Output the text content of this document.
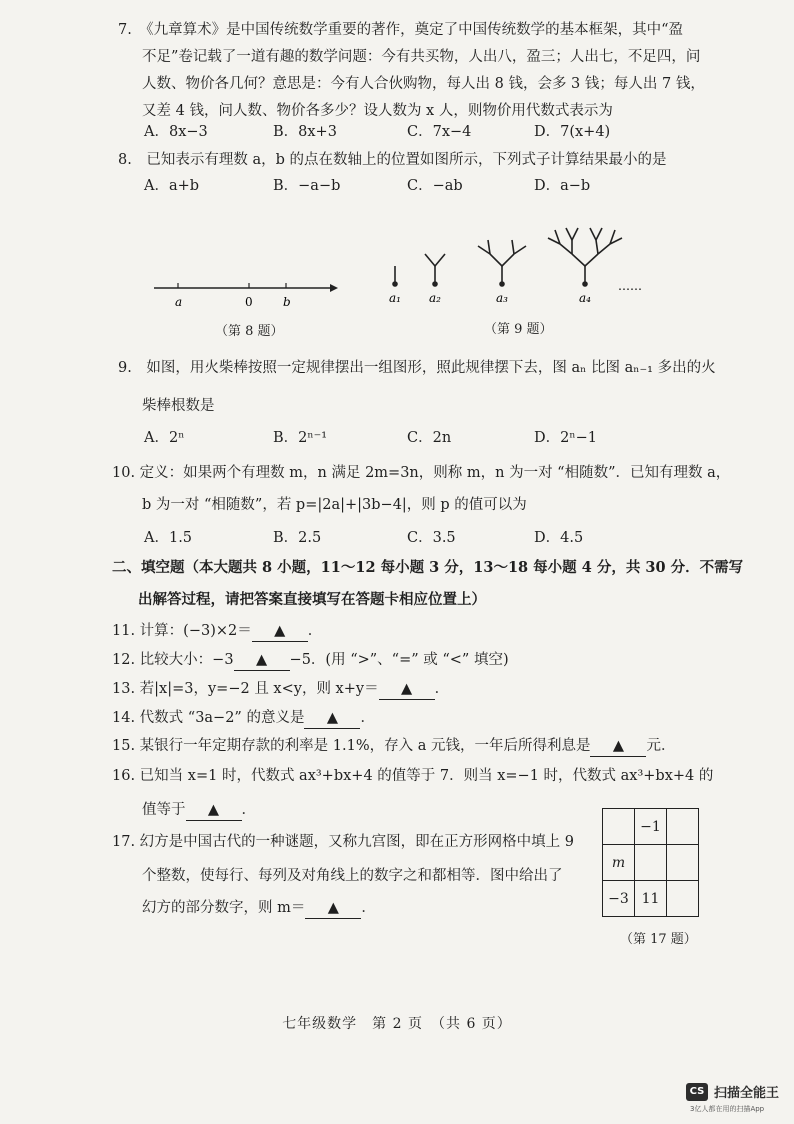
7.　《九章算术》是中国传统数学重要的著作，奠定了中国传统数学的基本框架，其中“盈
不足”卷记载了一道有趣的数学问题：今有共买物，人出八，盈三；人出七，不足四，问
人数、物价各几何？意思是：今有人合伙购物，每人出 8 钱，会多 3 钱；每人出 7 钱，
又差 4 钱，问人数、物价各多少？设人数为 x 人，则物价用代数式表示为
A．8x−3	B．8x+3	C．7x−4	D．7(x+4)
8.　已知表示有理数 a，b 的点在数轴上的位置如图所示，下列式子计算结果最小的是
A．a+b	B．−a−b	C．−ab	D．a−b
a	0	b
（第 8 题）
a₁ a₂	a₃	a₄
……
（第 9 题）
9.　如图，用火柴棒按照一定规律摆出一组图形，照此规律摆下去，图 aₙ 比图 aₙ₋₁ 多出的火
柴棒根数是
A．2ⁿ	B．2ⁿ⁻¹	C．2n	D．2ⁿ−1
10. 定义：如果两个有理数 m，n 满足 2m=3n，则称 m，n 为一对 “相随数”．已知有理数 a，
b 为一对 “相随数”，若 p=|2a|+|3b−4|，则 p 的值可以为
A．1.5	B．2.5	C．3.5	D．4.5
二、填空题（本大题共 8 小题，11～12 每小题 3 分，13～18 每小题 4 分，共 30 分．不需写
出解答过程，请把答案直接填写在答题卡相应位置上）
11. 计算：(−3)×2＝ ▲ ．
12. 比较大小：−3 ▲ −5．(用 “>”、“=” 或 “<” 填空)
13. 若|x|=3，y=−2 且 x<y，则 x+y＝ ▲ ．
14. 代数式 “3a−2” 的意义是 ▲ ．
15. 某银行一年定期存款的利率是 1.1%，存入 a 元钱，一年后所得利息是 ▲ 元．
16. 已知当 x=1 时，代数式 ax³+bx+4 的值等于 7．则当 x=−1 时，代数式 ax³+bx+4 的
值等于 ▲ ．
17. 幻方是中国古代的一种谜题，又称九宫图，即在正方形网格中填上 9
个整数，使每行、每列及对角线上的数字之和都相等．图中给出了
幻方的部分数字，则 m＝ ▲ ．
	−1	
m		
−3	11	
（第 17 题）
七年级数学　第 2 页　（共 6 页）
CS 扫描全能王
3亿人都在用的扫描App
